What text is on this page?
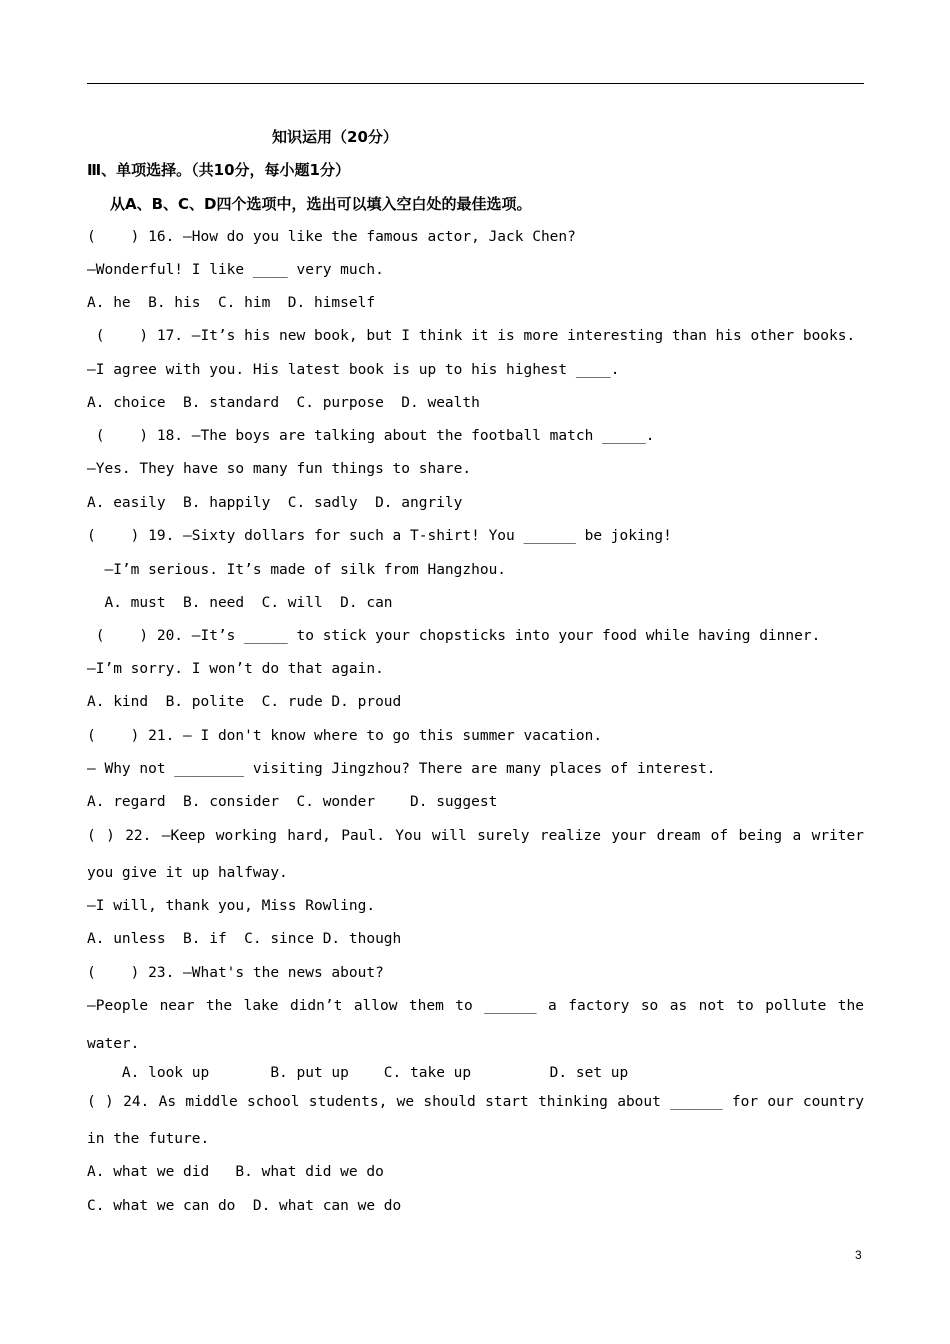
知识运用（20分）
Ⅲ、单项选择。（共10分，每小题1分）
从A、B、C、D四个选项中，选出可以填入空白处的最佳选项。
(    ) 16. —How do you like the famous actor, Jack Chen?
—Wonderful! I like ____ very much.
A. he  B. his  C. him  D. himself
(    ) 17. —It’s his new book, but I think it is more interesting than his other books.
—I agree with you. His latest book is up to his highest ____.
A. choice  B. standard  C. purpose  D. wealth
(    ) 18. —The boys are talking about the football match _____.
—Yes. They have so many fun things to share.
A. easily  B. happily  C. sadly  D. angrily
(    ) 19. —Sixty dollars for such a T-shirt! You ______ be joking!
—I’m serious. It’s made of silk from Hangzhou.
A. must  B. need  C. will  D. can
(    ) 20. —It’s _____ to stick your chopsticks into your food while having dinner.
—I’m sorry. I won’t do that again.
A. kind  B. polite  C. rude D. proud
(    ) 21. — I don't know where to go this summer vacation.
— Why not ________ visiting Jingzhou? There are many places of interest.
A. regard  B. consider  C. wonder    D. suggest
( ) 22. —Keep working hard, Paul. You will surely realize your dream of being a writer
you give it up halfway.
—I will, thank you, Miss Rowling.
A. unless  B. if  C. since D. though
(    ) 23. —What's the news about?
—People near the lake didn’t allow them to ______ a factory so as not to pollute the
water.
A. look up       B. put up    C. take up         D. set up
( ) 24. As middle school students, we should start thinking about ______ for our country
in the future.
A. what we did   B. what did we do
C. what we can do  D. what can we do
3
